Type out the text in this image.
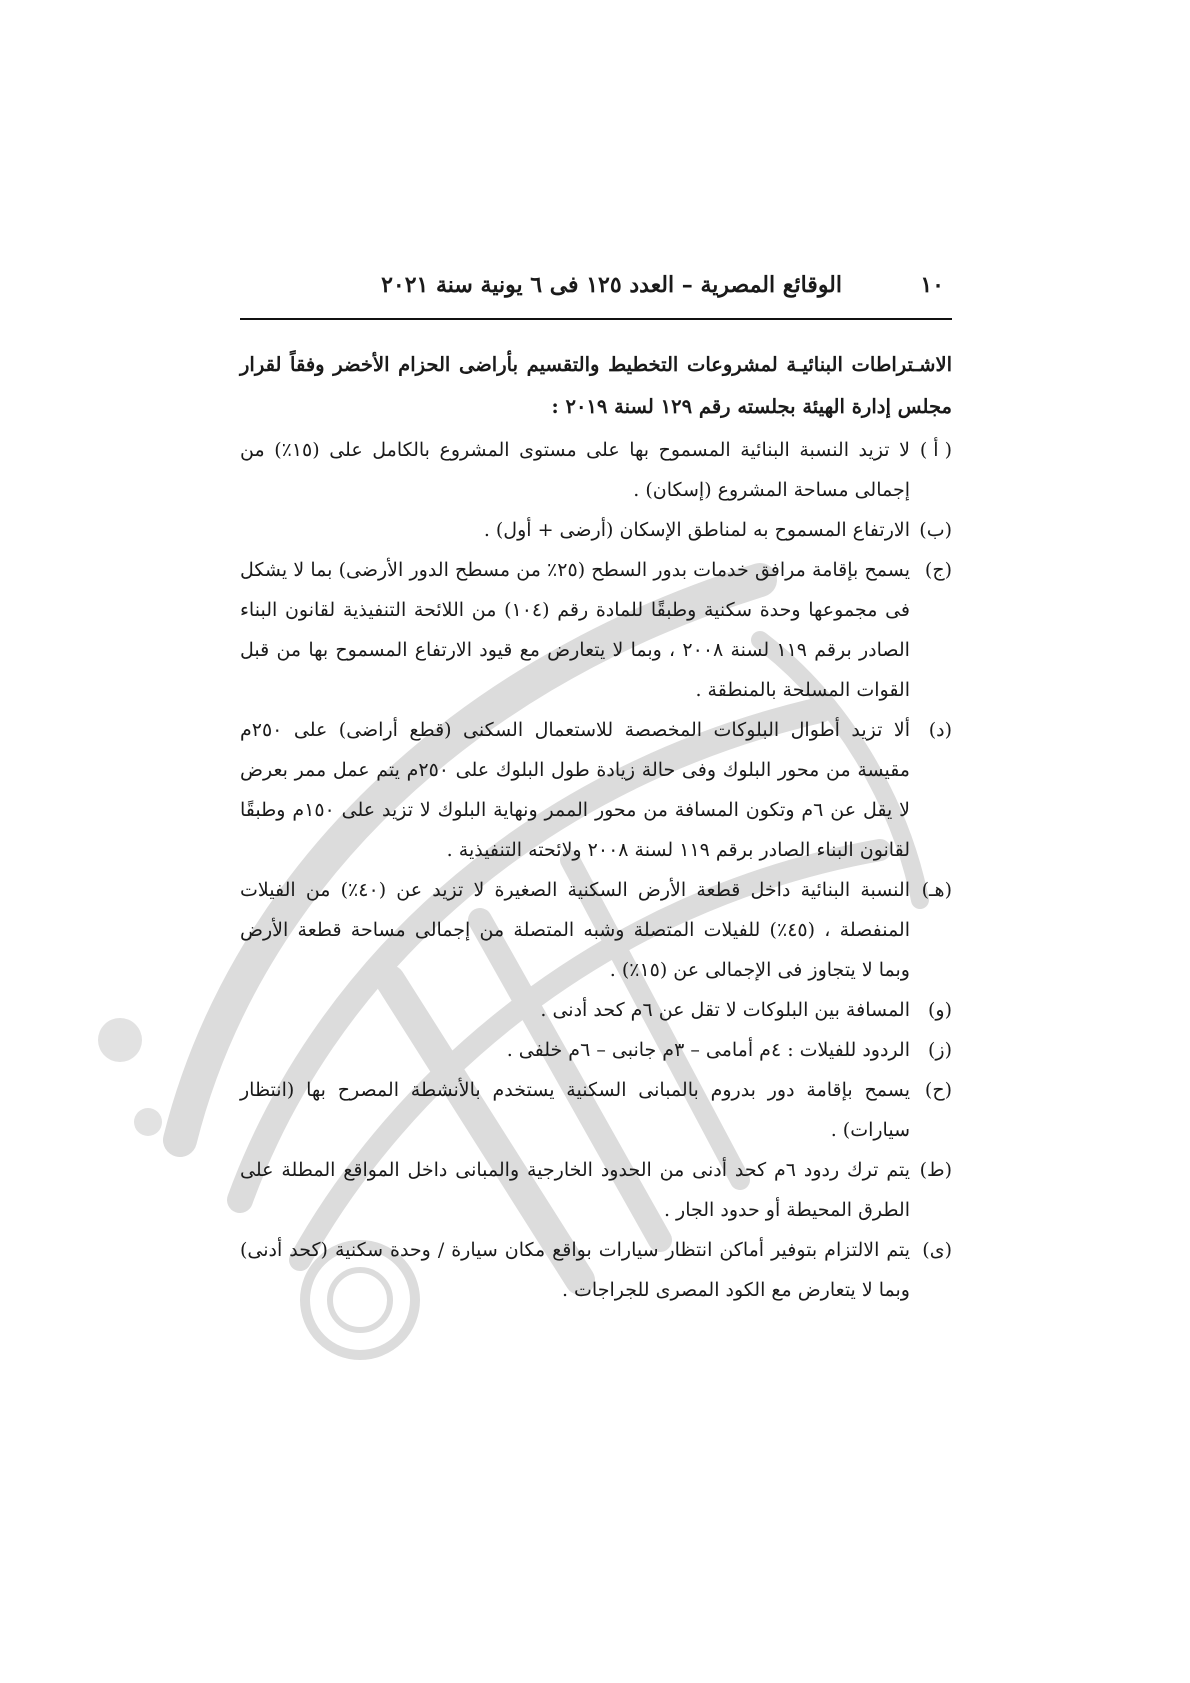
١٠
الوقائع المصرية – العدد ١٢٥ فى ٦ يونية سنة ٢٠٢١

الاشـتراطات البنائيـة لمشروعات التخطيط والتقسيم بأراضى الحزام الأخضر وفقاً لقرار مجلس إدارة الهيئة بجلسته رقم ١٢٩ لسنة ٢٠١٩ :

( أ )
لا تزيد النسبة البنائية المسموح بها على مستوى المشروع بالكامل على (١٥٪) من إجمالى مساحة المشروع (إسكان) .
(ب)
الارتفاع المسموح به لمناطق الإسكان (أرضى + أول) .
(ج)
يسمح بإقامة مرافق خدمات بدور السطح (٢٥٪ من مسطح الدور الأرضى) بما لا يشكل فى مجموعها وحدة سكنية وطبقًا للمادة رقم (١٠٤) من اللائحة التنفيذية لقانون البناء الصادر برقم ١١٩ لسنة ٢٠٠٨ ، وبما لا يتعارض مع قيود الارتفاع المسموح بها من قبل القوات المسلحة بالمنطقة .
(د)
ألا تزيد أطوال البلوكات المخصصة للاستعمال السكنى (قطع أراضى) على ٢٥٠م مقيسة من محور البلوك وفى حالة زيادة طول البلوك على ٢٥٠م يتم عمل ممر بعرض لا يقل عن ٦م وتكون المسافة من محور الممر ونهاية البلوك لا تزيد على ١٥٠م وطبقًا لقانون البناء الصادر برقم ١١٩ لسنة ٢٠٠٨ ولائحته التنفيذية .
(هـ)
النسبة البنائية داخل قطعة الأرض السكنية الصغيرة لا تزيد عن (٤٠٪) من الفيلات المنفصلة ، (٤٥٪) للفيلات المتصلة وشبه المتصلة من إجمالى مساحة قطعة الأرض وبما لا يتجاوز فى الإجمالى عن (١٥٪) .
(و)
المسافة بين البلوكات لا تقل عن ٦م كحد أدنى .
(ز)
الردود للفيلات : ٤م أمامى – ٣م جانبى – ٦م خلفى .
(ح)
يسمح بإقامة دور بدروم بالمبانى السكنية يستخدم بالأنشطة المصرح بها (انتظار سيارات) .
(ط)
يتم ترك ردود ٦م كحد أدنى من الحدود الخارجية والمبانى داخل المواقع المطلة على الطرق المحيطة أو حدود الجار .
(ى)
يتم الالتزام بتوفير أماكن انتظار سيارات بواقع مكان سيارة / وحدة سكنية (كحد أدنى) وبما لا يتعارض مع الكود المصرى للجراجات .
